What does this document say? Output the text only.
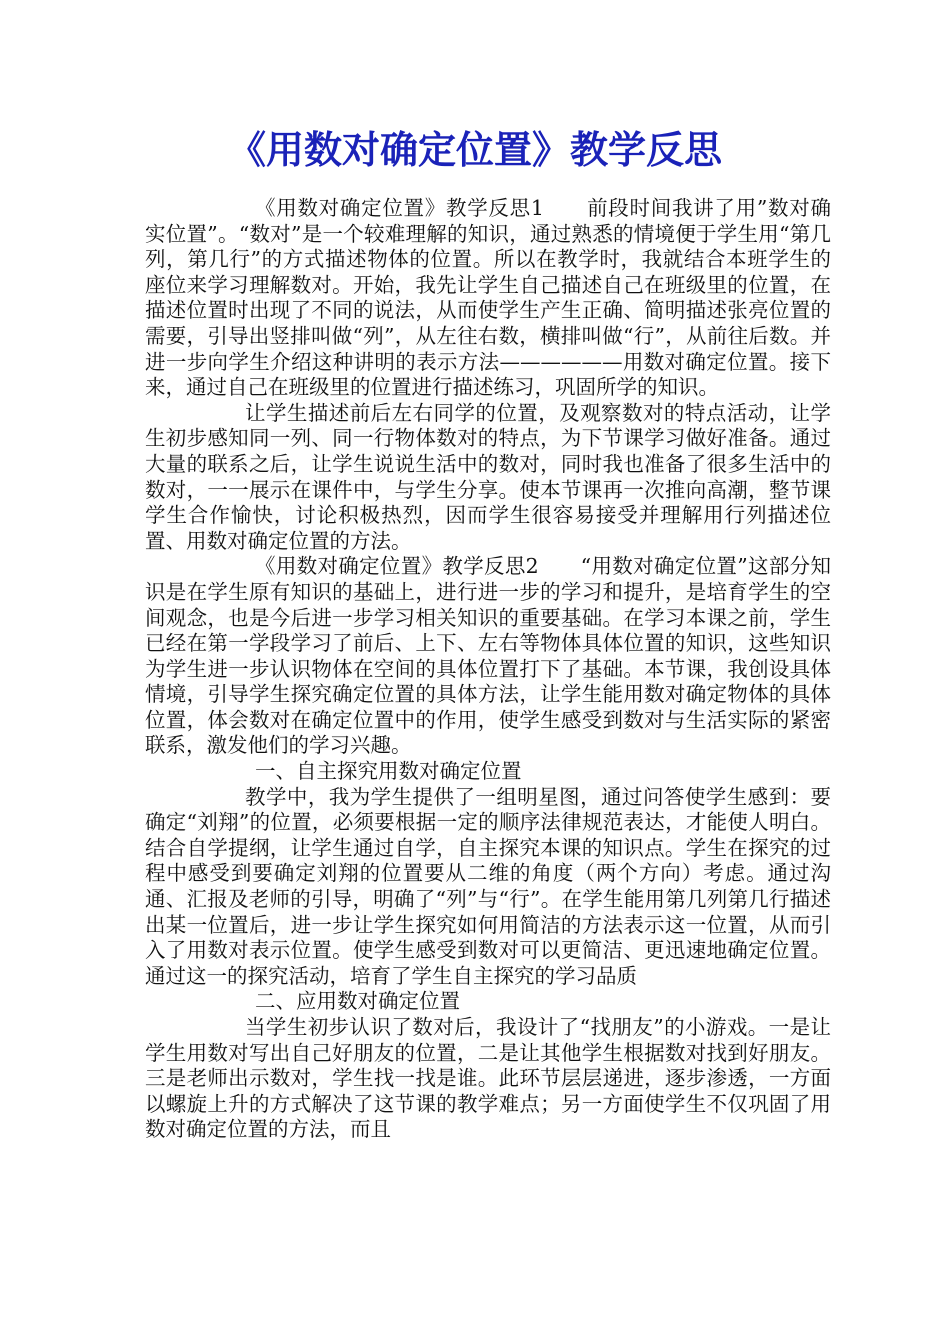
《用数对确定位置》教学反思

《用数对确定位置》教学反思1　　前段时间我讲了用”数对确实位置”。“数对”是一个较难理解的知识，通过熟悉的情境便于学生用“第几列，第几行”的方式描述物体的位置。所以在教学时，我就结合本班学生的座位来学习理解数对。开始，我先让学生自己描述自己在班级里的位置，在描述位置时出现了不同的说法，从而使学生产生正确、简明描述张亮位置的需要，引导出竖排叫做“列”，从左往右数，横排叫做“行”，从前往后数。并进一步向学生介绍这种讲明的表示方法——————用数对确定位置。接下来，通过自己在班级里的位置进行描述练习，巩固所学的知识。

让学生描述前后左右同学的位置，及观察数对的特点活动，让学生初步感知同一列、同一行物体数对的特点，为下节课学习做好准备。通过大量的联系之后，让学生说说生活中的数对，同时我也准备了很多生活中的数对，一一展示在课件中，与学生分享。使本节课再一次推向高潮，整节课学生合作愉快，讨论积极热烈，因而学生很容易接受并理解用行列描述位置、用数对确定位置的方法。

《用数对确定位置》教学反思2　　“用数对确定位置”这部分知识是在学生原有知识的基础上，进行进一步的学习和提升，是培育学生的空间观念，也是今后进一步学习相关知识的重要基础。在学习本课之前，学生已经在第一学段学习了前后、上下、左右等物体具体位置的知识，这些知识为学生进一步认识物体在空间的具体位置打下了基础。本节课，我创设具体情境，引导学生探究确定位置的具体方法，让学生能用数对确定物体的具体位置，体会数对在确定位置中的作用，使学生感受到数对与生活实际的紧密联系，激发他们的学习兴趣。

一、自主探究用数对确定位置

教学中，我为学生提供了一组明星图，通过问答使学生感到：要确定“刘翔”的位置，必须要根据一定的顺序法律规范表达，才能使人明白。结合自学提纲，让学生通过自学，自主探究本课的知识点。学生在探究的过程中感受到要确定刘翔的位置要从二维的角度（两个方向）考虑。通过沟通、汇报及老师的引导，明确了“列”与“行”。在学生能用第几列第几行描述出某一位置后，进一步让学生探究如何用简洁的方法表示这一位置，从而引入了用数对表示位置。使学生感受到数对可以更简洁、更迅速地确定位置。通过这一的探究活动，培育了学生自主探究的学习品质

二、应用数对确定位置

当学生初步认识了数对后，我设计了“找朋友”的小游戏。一是让学生用数对写出自己好朋友的位置，二是让其他学生根据数对找到好朋友。三是老师出示数对，学生找一找是谁。此环节层层递进，逐步渗透，一方面以螺旋上升的方式解决了这节课的教学难点；另一方面使学生不仅巩固了用数对确定位置的方法，而且
